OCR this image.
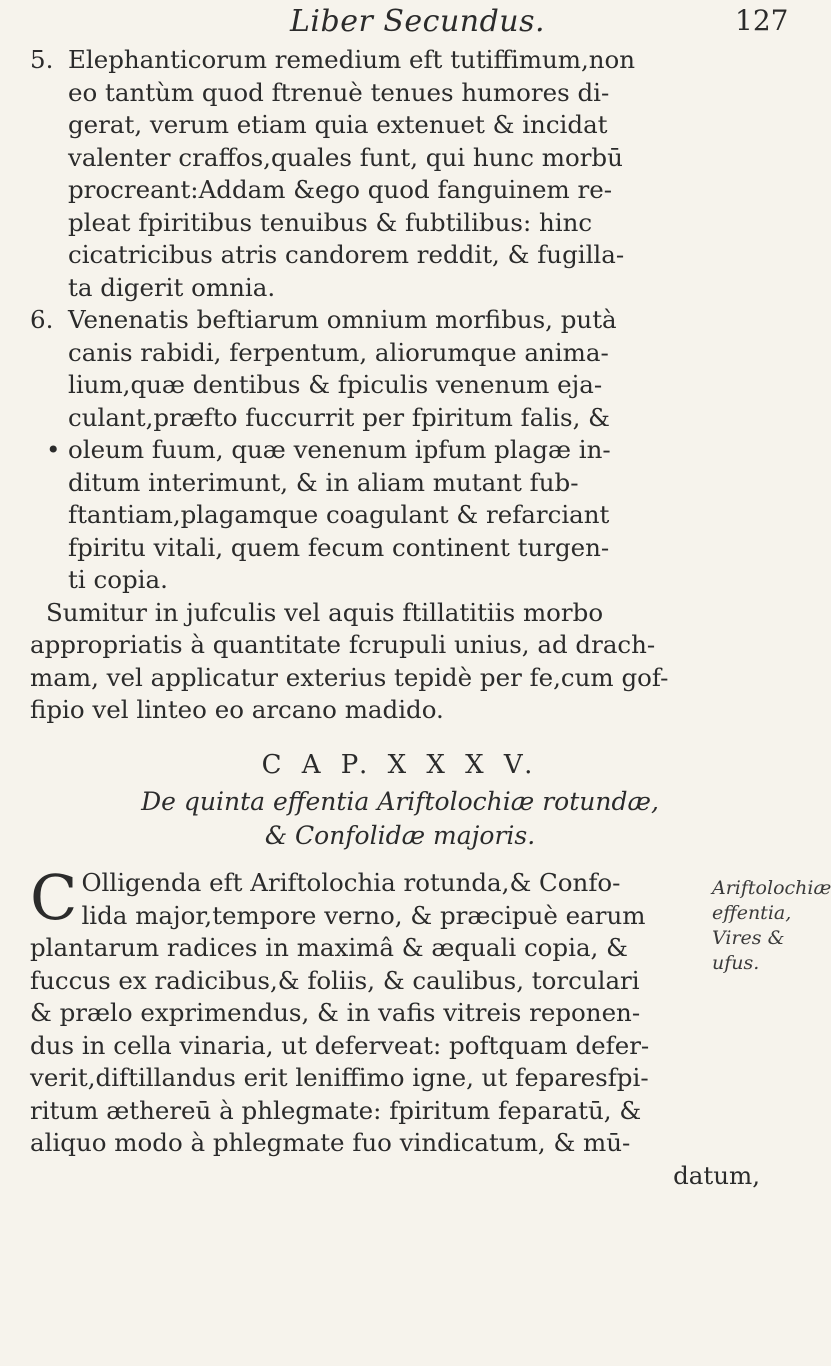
Liber Secundus.	127
5. Elephanticorum remedium eft tutiffimum,non
eo tantùm quod ftrenuè tenues humores di-
gerat, verum etiam quia extenuet & incidat
valenter craffos,quales funt, qui hunc morbū
procreant:Addam &ego quod fanguinem re-
pleat fpiritibus tenuibus & fubtilibus: hinc
cicatricibus atris candorem reddit, & fugilla-
ta digerit omnia.
6. Venenatis beftiarum omnium morfibus, putà
canis rabidi, ferpentum, aliorumque anima-
lium,quæ dentibus & fpiculis venenum eja-
culant,præfto fuccurrit per fpiritum falis, &
• oleum fuum, quæ venenum ipfum plagæ in-
ditum interimunt, & in aliam mutant fub-
ftantiam,plagamque coagulant & refarciant
fpiritu vitali, quem fecum continent turgen-
ti copia.
Sumitur in jufculis vel aquis ftillatitiis morbo
appropriatis à quantitate fcrupuli unius, ad drach-
mam, vel applicatur exterius tepidè per fe,cum gof-
fipio vel linteo eo arcano madido.
C A P. X X X V.
De quinta effentia Ariftolochiæ rotundæ,
& Confolidæ majoris.
C Olligenda eft Ariftolochia rotunda,& Confo-
lida major,tempore verno, & præcipuè earum
plantarum radices in maximâ & æquali copia, &
fuccus ex radicibus,& foliis, & caulibus, torculari
& prælo exprimendus, & in vafis vitreis reponen-
dus in cella vinaria, ut deferveat: poftquam defer-
verit,diftillandus erit leniffimo igne, ut feparesfpi-
ritum æthereū à phlegmate: fpiritum feparatū, &
aliquo modo à phlegmate fuo vindicatum, & mū-
datum,
Ariftolochiæ
effentia,
Vires &
ufus.
